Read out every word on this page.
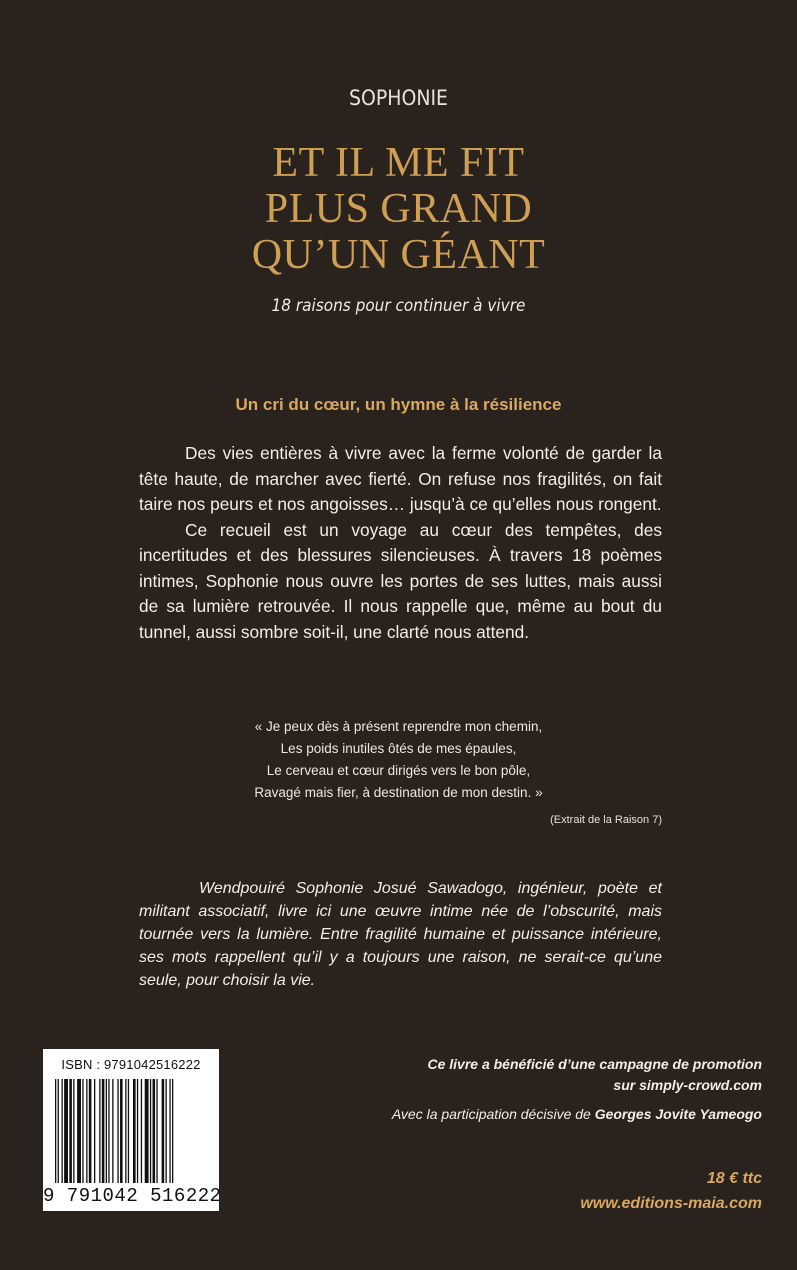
SOPHONIE
ET IL ME FIT
PLUS GRAND
QU’UN GÉANT
18 raisons pour continuer à vivre
Un cri du cœur, un hymne à la résilience

Des vies entières à vivre avec la ferme volonté de garder la tête haute, de marcher avec fierté. On refuse nos fragilités, on fait taire nos peurs et nos angoisses… jusqu’à ce qu’elles nous rongent.

Ce recueil est un voyage au cœur des tempêtes, des incertitudes et des blessures silencieuses. À travers 18 poèmes intimes, Sophonie nous ouvre les portes de ses luttes, mais aussi de sa lumière retrouvée. Il nous rappelle que, même au bout du tunnel, aussi sombre soit-il, une clarté nous attend.

« Je peux dès à présent reprendre mon chemin,
Les poids inutiles ôtés de mes épaules,
Le cerveau et cœur dirigés vers le bon pôle,
Ravagé mais fier, à destination de mon destin. »
(Extrait de la Raison 7)

Wendpouiré Sophonie Josué Sawadogo, ingénieur, poète et militant associatif, livre ici une œuvre intime née de l’obscurité, mais tournée vers la lumière. Entre fragilité humaine et puissance intérieure, ses mots rappellent qu’il y a toujours une raison, ne serait-ce qu’une seule, pour choisir la vie.

ISBN : 9791042516222
9 791042 516222
Ce livre a bénéficié d’une campagne de promotion
sur simply-crowd.com
Avec la participation décisive de Georges Jovite Yameogo
18 € ttc
www.editions-maia.com
